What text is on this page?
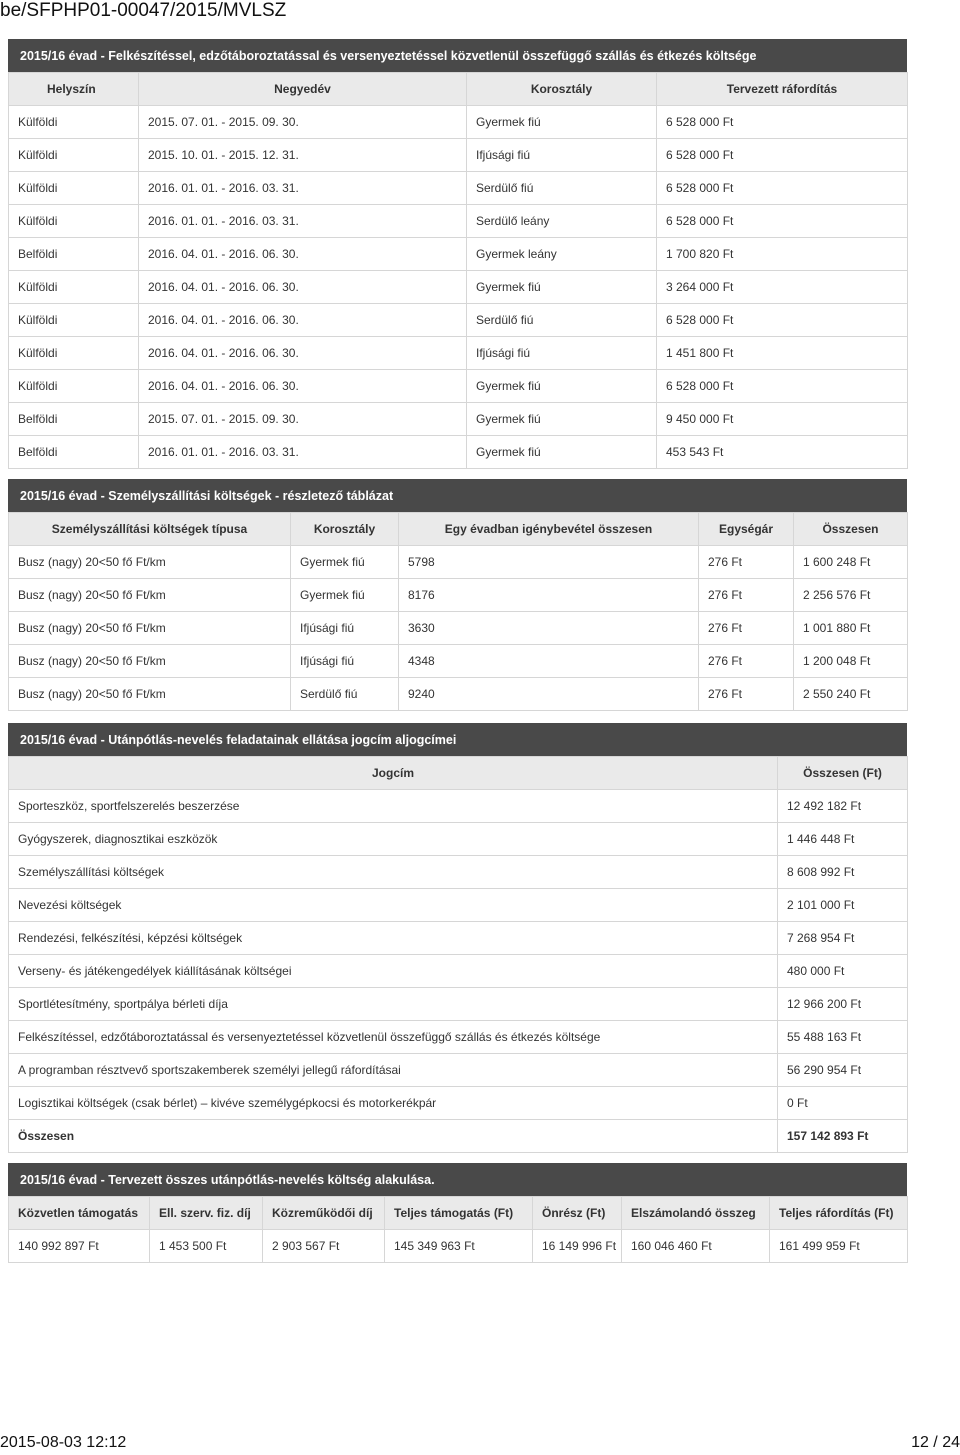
be/SFPHP01-00047/2015/MVLSZ
2015/16 évad - Felkészítéssel, edzőtáboroztatással és versenyeztetéssel közvetlenül összefüggő szállás és étkezés költsége
Helyszín	Negyedév	Korosztály	Tervezett ráfordítás
Külföldi	2015. 07. 01. - 2015. 09. 30.	Gyermek fiú	6 528 000 Ft
Külföldi	2015. 10. 01. - 2015. 12. 31.	Ifjúsági fiú	6 528 000 Ft
Külföldi	2016. 01. 01. - 2016. 03. 31.	Serdülő fiú	6 528 000 Ft
Külföldi	2016. 01. 01. - 2016. 03. 31.	Serdülő leány	6 528 000 Ft
Belföldi	2016. 04. 01. - 2016. 06. 30.	Gyermek leány	1 700 820 Ft
Külföldi	2016. 04. 01. - 2016. 06. 30.	Gyermek fiú	3 264 000 Ft
Külföldi	2016. 04. 01. - 2016. 06. 30.	Serdülő fiú	6 528 000 Ft
Külföldi	2016. 04. 01. - 2016. 06. 30.	Ifjúsági fiú	1 451 800 Ft
Külföldi	2016. 04. 01. - 2016. 06. 30.	Gyermek fiú	6 528 000 Ft
Belföldi	2015. 07. 01. - 2015. 09. 30.	Gyermek fiú	9 450 000 Ft
Belföldi	2016. 01. 01. - 2016. 03. 31.	Gyermek fiú	453 543 Ft
2015/16 évad - Személyszállítási költségek - részletező táblázat
Személyszállítási költségek típusa	Korosztály	Egy évadban igénybevétel összesen	Egységár	Összesen
Busz (nagy) 20<50 fő Ft/km	Gyermek fiú	5798	276 Ft	1 600 248 Ft
Busz (nagy) 20<50 fő Ft/km	Gyermek fiú	8176	276 Ft	2 256 576 Ft
Busz (nagy) 20<50 fő Ft/km	Ifjúsági fiú	3630	276 Ft	1 001 880 Ft
Busz (nagy) 20<50 fő Ft/km	Ifjúsági fiú	4348	276 Ft	1 200 048 Ft
Busz (nagy) 20<50 fő Ft/km	Serdülő fiú	9240	276 Ft	2 550 240 Ft
2015/16 évad - Utánpótlás-nevelés feladatainak ellátása jogcím aljogcímei
Jogcím	Összesen (Ft)
Sporteszköz, sportfelszerelés beszerzése	12 492 182 Ft
Gyógyszerek, diagnosztikai eszközök	1 446 448 Ft
Személyszállítási költségek	8 608 992 Ft
Nevezési költségek	2 101 000 Ft
Rendezési, felkészítési, képzési költségek	7 268 954 Ft
Verseny- és játékengedélyek kiállításának költségei	480 000 Ft
Sportlétesítmény, sportpálya bérleti díja	12 966 200 Ft
Felkészítéssel, edzőtáboroztatással és versenyeztetéssel közvetlenül összefüggő szállás és étkezés költsége	55 488 163 Ft
A programban résztvevő sportszakemberek személyi jellegű ráfordításai	56 290 954 Ft
Logisztikai költségek (csak bérlet) – kivéve személygépkocsi és motorkerékpár	0 Ft
Összesen	157 142 893 Ft
2015/16 évad - Tervezett összes utánpótlás-nevelés költség alakulása.
Közvetlen támogatás	Ell. szerv. fiz. díj	Közreműködői díj	Teljes támogatás (Ft)	Önrész (Ft)	Elszámolandó összeg	Teljes ráfordítás (Ft)
140 992 897 Ft	1 453 500 Ft	2 903 567 Ft	145 349 963 Ft	16 149 996 Ft	160 046 460 Ft	161 499 959 Ft
2015-08-03 12:12	12 / 24
